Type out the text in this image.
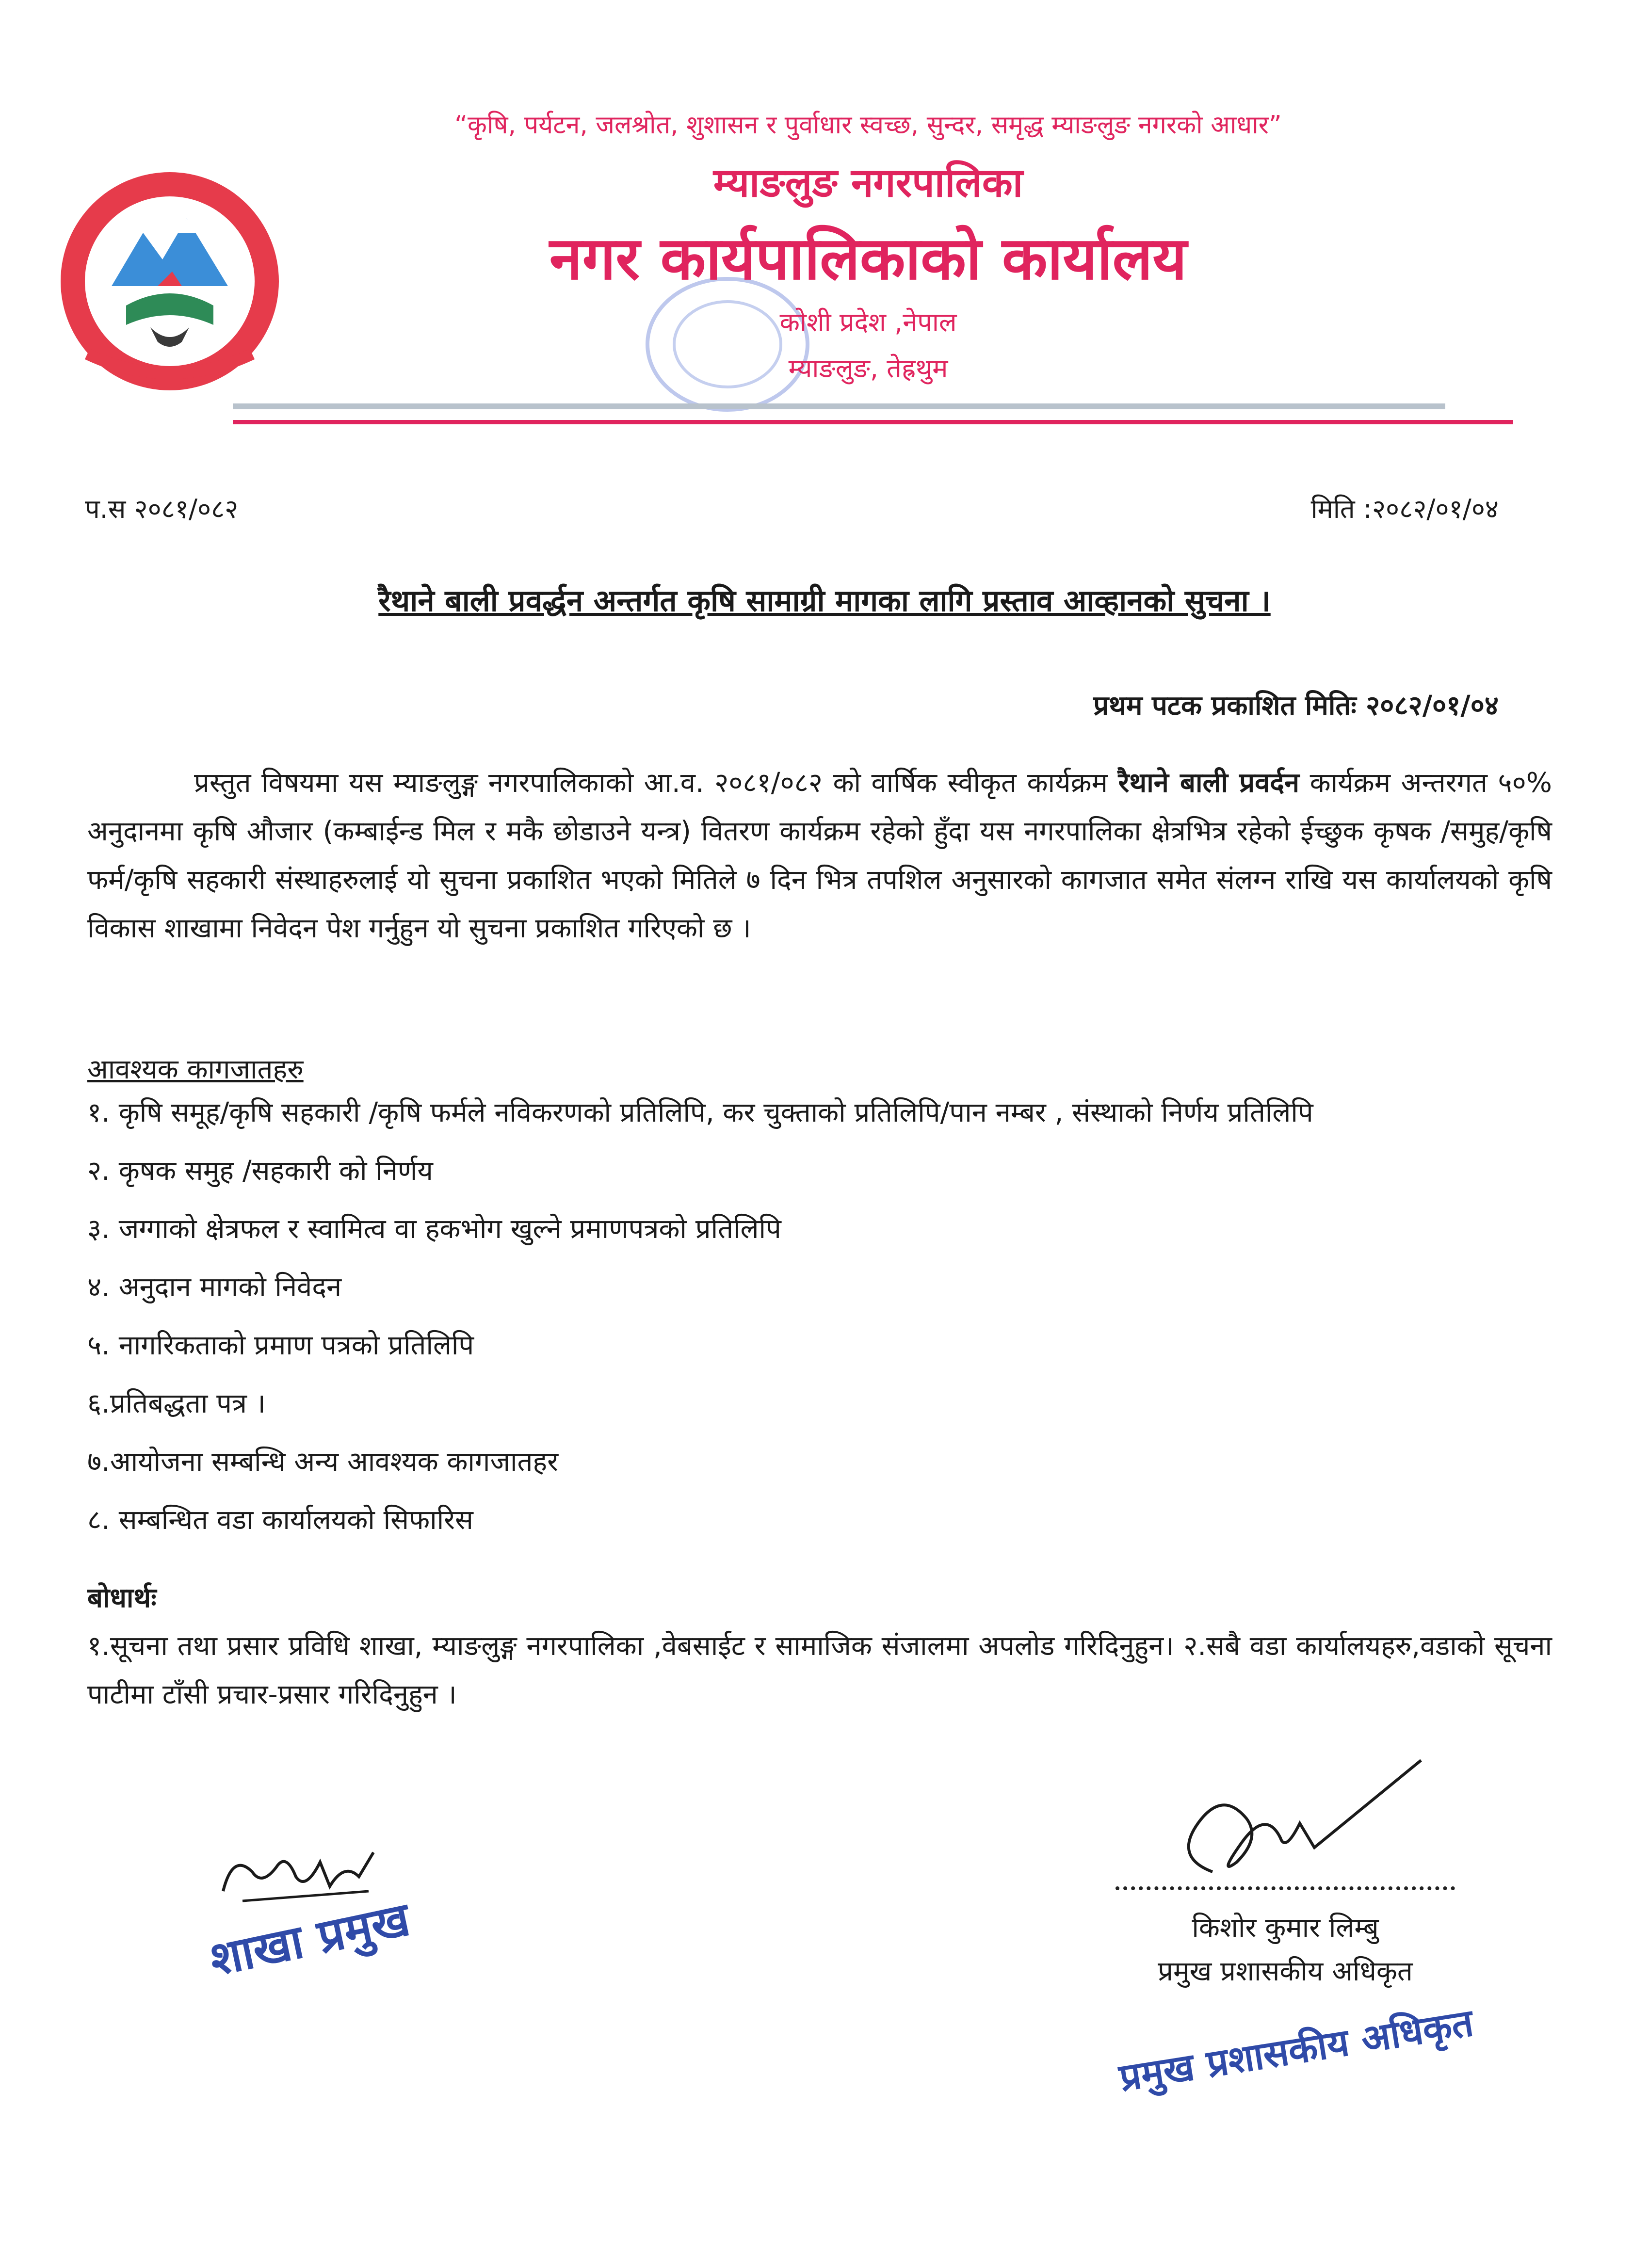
“कृषि, पर्यटन, जलश्रोत, शुशासन र पुर्वाधार स्वच्छ, सुन्दर, समृद्ध म्याङलुङ नगरको आधार”
म्याङलुङ नगरपालिका
नगर कार्यपालिकाको कार्यालय
कोशी प्रदेश ,नेपाल
म्याङलुङ, तेह्रथुम
प.स २०८१/०८२	मिति :२०८२/०१/०४
रैथाने बाली प्रवर्द्धन अन्तर्गत कृषि सामाग्री मागका लागि प्रस्ताव आव्हानको सुचना ।
प्रथम पटक प्रकाशित मितिः २०८२/०१/०४
प्रस्तुत विषयमा यस म्याङलुङ्ग नगरपालिकाको आ.व. २०८१/०८२ को वार्षिक स्वीकृत कार्यक्रम रैथाने बाली प्रवर्दन कार्यक्रम अन्तरगत ५०% अनुदानमा कृषि औजार (कम्बाईन्ड मिल र मकै छोडाउने यन्त्र) वितरण कार्यक्रम रहेको हुँदा यस नगरपालिका क्षेत्रभित्र रहेको ईच्छुक कृषक /समुह/कृषि फर्म/कृषि सहकारी संस्थाहरुलाई यो सुचना प्रकाशित भएको मितिले ७ दिन भित्र तपशिल अनुसारको कागजात समेत संलग्न राखि यस कार्यालयको कृषि विकास शाखामा निवेदन पेश गर्नुहुन यो सुचना प्रकाशित गरिएको छ ।
आवश्यक कागजातहरु
१. कृषि समूह/कृषि सहकारी /कृषि फर्मले नविकरणको प्रतिलिपि, कर चुक्ताको प्रतिलिपि/पान नम्बर , संस्थाको निर्णय प्रतिलिपि
२. कृषक समुह /सहकारी को निर्णय
३. जग्गाको क्षेत्रफल र स्वामित्व वा हकभोग खुल्ने प्रमाणपत्रको प्रतिलिपि
४. अनुदान मागको निवेदन
५. नागरिकताको प्रमाण पत्रको प्रतिलिपि
६.प्रतिबद्धता पत्र ।
७.आयोजना सम्बन्धि अन्य आवश्यक कागजातहर
८. सम्बन्धित वडा कार्यालयको सिफारिस
बोधार्थः
१.सूचना तथा प्रसार प्रविधि शाखा, म्याङलुङ्ग नगरपालिका ,वेबसाईट र सामाजिक संजालमा अपलोड गरिदिनुहुन। २.सबै वडा कार्यालयहरु,वडाको सूचना पाटीमा टाँसी प्रचार-प्रसार गरिदिनुहुन ।
शाखा प्रमुख	किशोर कुमार लिम्बु
प्रमुख प्रशासकीय अधिकृत
प्रमुख प्रशासकीय अधिकृत
